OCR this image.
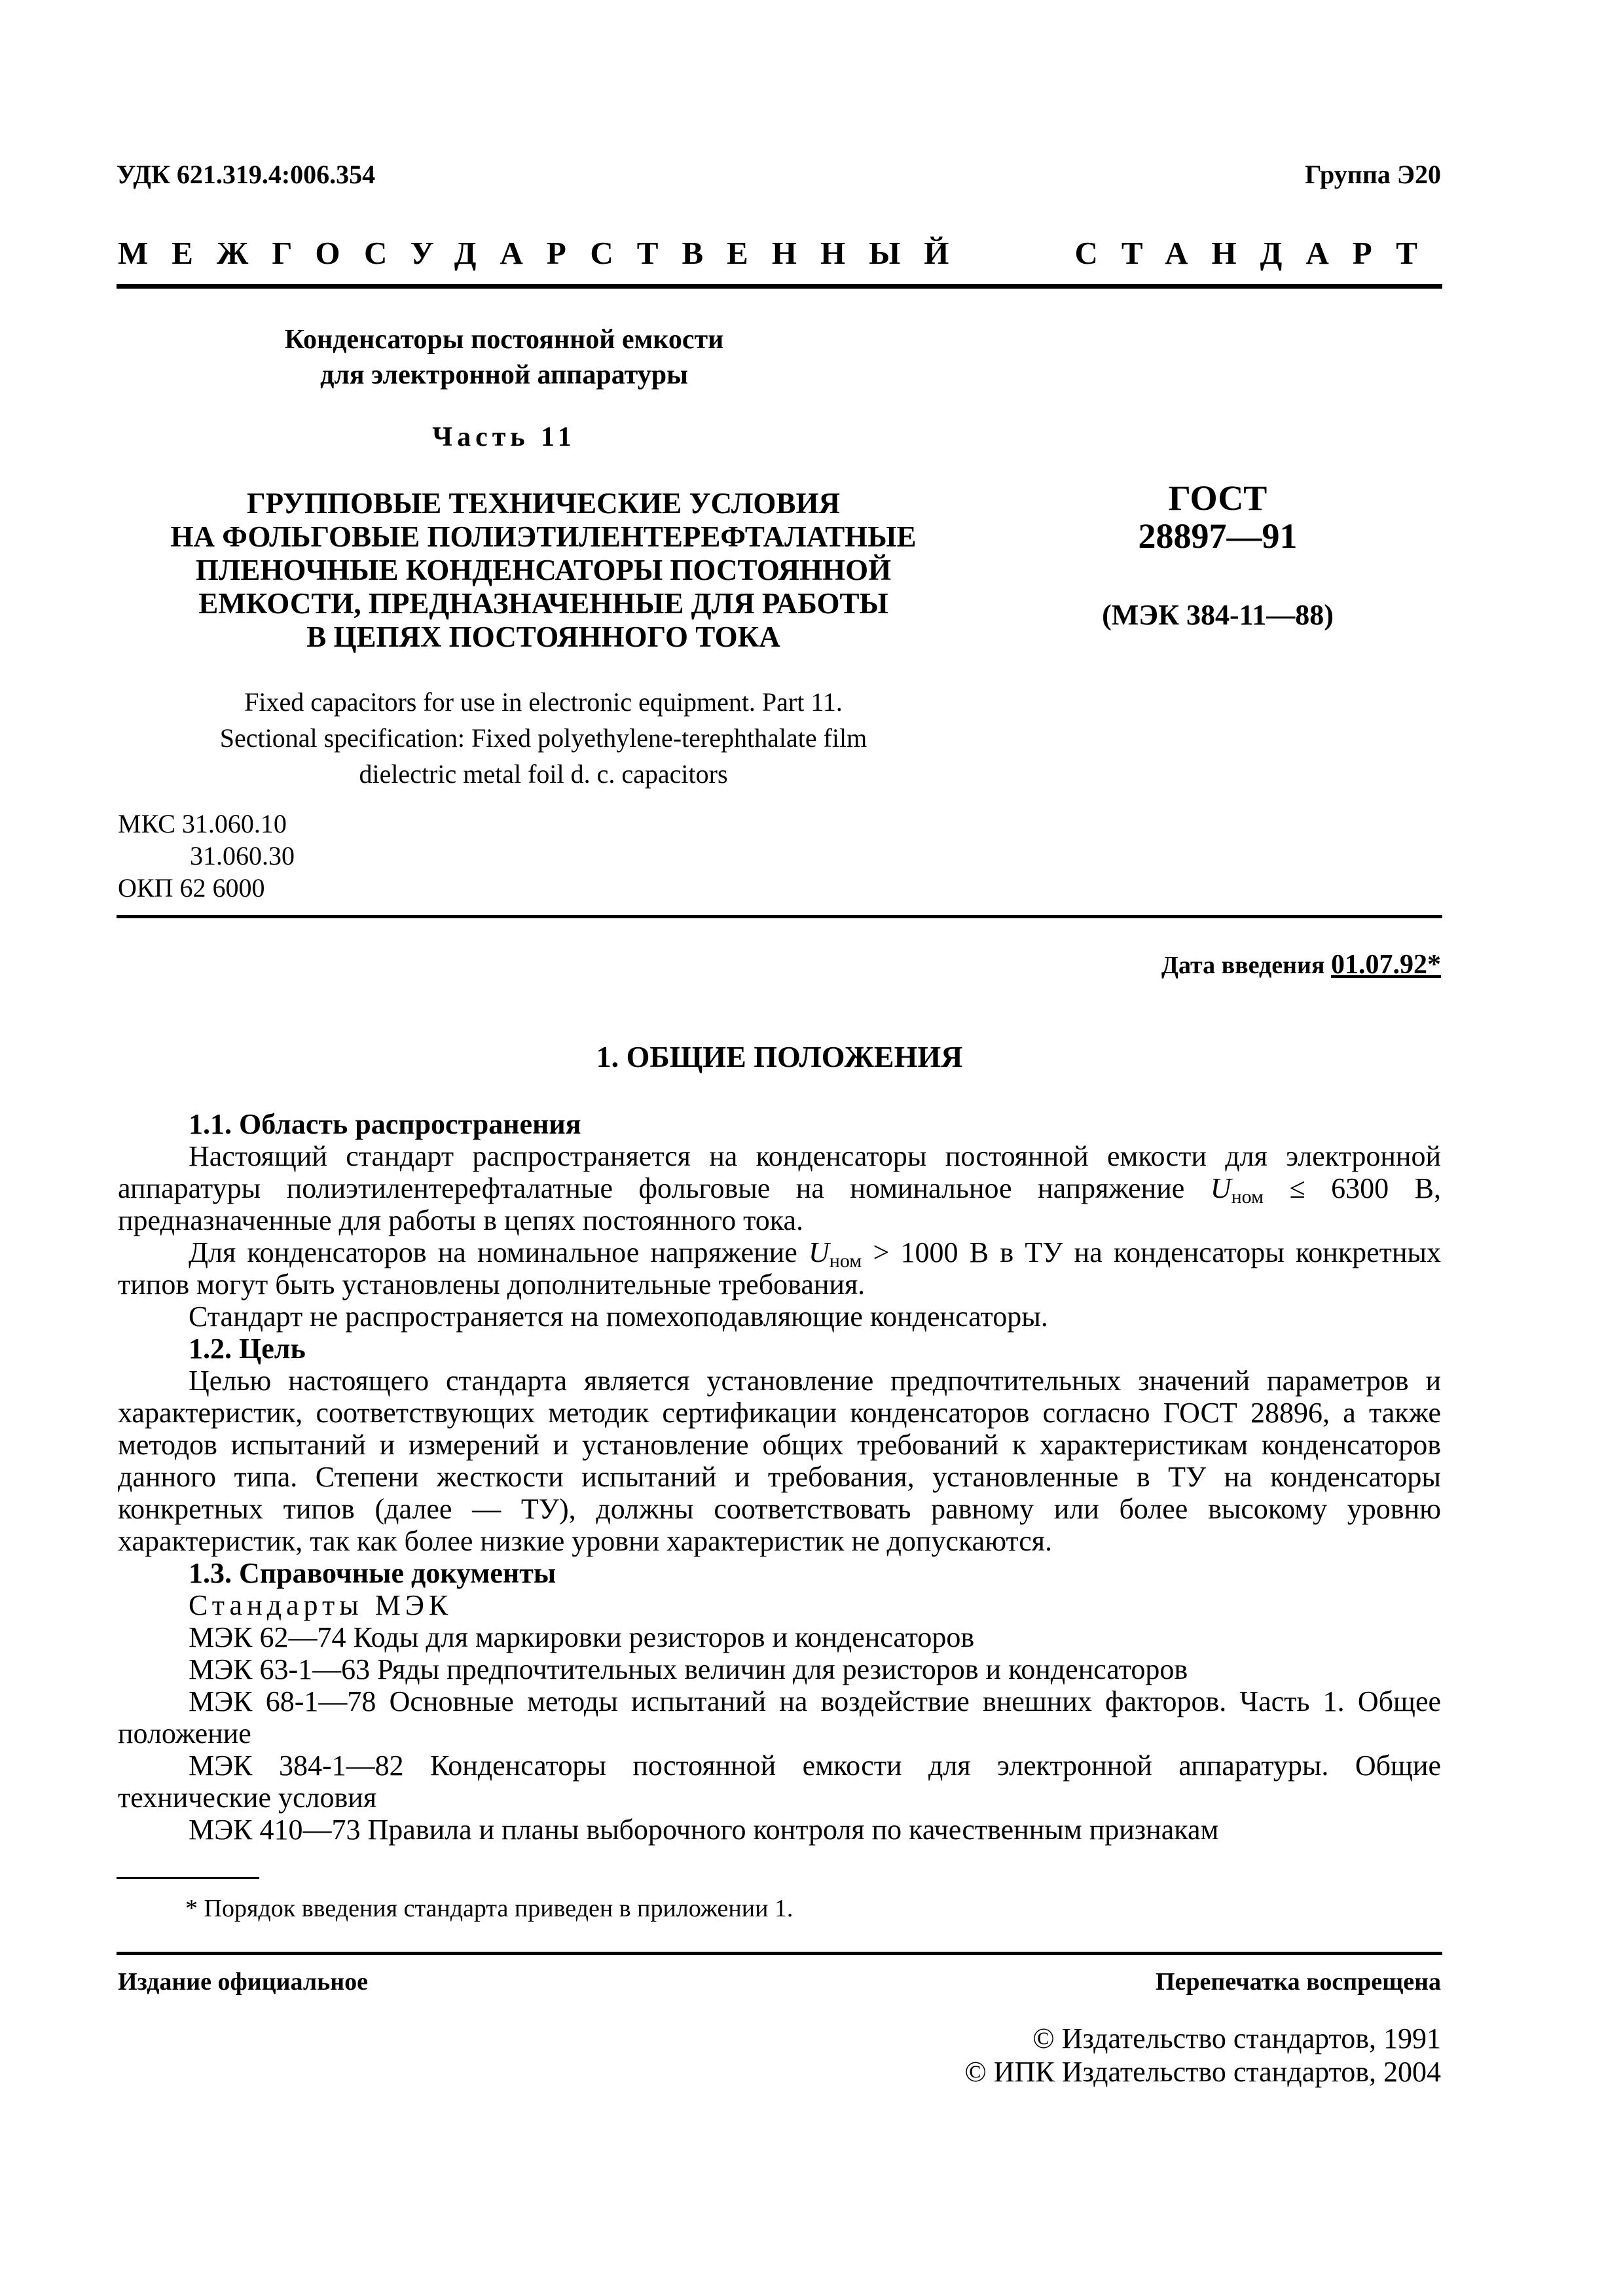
УДК 621.319.4:006.354	Группа Э20
МЕЖГОСУДАРСТВЕННЫЙ СТАНДАРТ
Конденсаторы постоянной емкости
для электронной аппаратуры
Часть 11
ГРУППОВЫЕ ТЕХНИЧЕСКИЕ УСЛОВИЯ
НА ФОЛЬГОВЫЕ ПОЛИЭТИЛЕНТЕРЕФТАЛАТНЫЕ
ПЛЕНОЧНЫЕ КОНДЕНСАТОРЫ ПОСТОЯННОЙ
ЕМКОСТИ, ПРЕДНАЗНАЧЕННЫЕ ДЛЯ РАБОТЫ
В ЦЕПЯХ ПОСТОЯННОГО ТОКА
ГОСТ
28897—91
(МЭК 384-11—88)
Fixed capacitors for use in electronic equipment. Part 11.
Sectional specification: Fixed polyethylene-terephthalate film
dielectric metal foil d. c. capacitors
МКС 31.060.10
31.060.30
ОКП 62 6000
Дата введения 01.07.92*
1. ОБЩИЕ ПОЛОЖЕНИЯ
1.1. Область распространения
Настоящий стандарт распространяется на конденсаторы постоянной емкости для электронной аппаратуры полиэтилентерефталатные фольговые на номинальное напряжение $U_{ном} \le 6300$ В, предназначенные для работы в цепях постоянного тока.
Для конденсаторов на номинальное напряжение $U_{ном} > 1000$ В в ТУ на конденсаторы конкретных типов могут быть установлены дополнительные требования.
Стандарт не распространяется на помехоподавляющие конденсаторы.
1.2. Цель
Целью настоящего стандарта является установление предпочтительных значений параметров и характеристик, соответствующих методик сертификации конденсаторов согласно ГОСТ 28896, а также методов испытаний и измерений и установление общих требований к характеристикам конденсаторов данного типа. Степени жесткости испытаний и требования, установленные в ТУ на конденсаторы конкретных типов (далее — ТУ), должны соответствовать равному или более высокому уровню характеристик, так как более низкие уровни характеристик не допускаются.
1.3. Справочные документы
Стандарты МЭК
МЭК 62—74 Коды для маркировки резисторов и конденсаторов
МЭК 63-1—63 Ряды предпочтительных величин для резисторов и конденсаторов
МЭК 68-1—78 Основные методы испытаний на воздействие внешних факторов. Часть 1. Общее положение
МЭК 384-1—82 Конденсаторы постоянной емкости для электронной аппаратуры. Общие технические условия
МЭК 410—73 Правила и планы выборочного контроля по качественным признакам
* Порядок введения стандарта приведен в приложении 1.
Издание официальное	Перепечатка воспрещена
© Издательство стандартов, 1991
© ИПК Издательство стандартов, 2004
